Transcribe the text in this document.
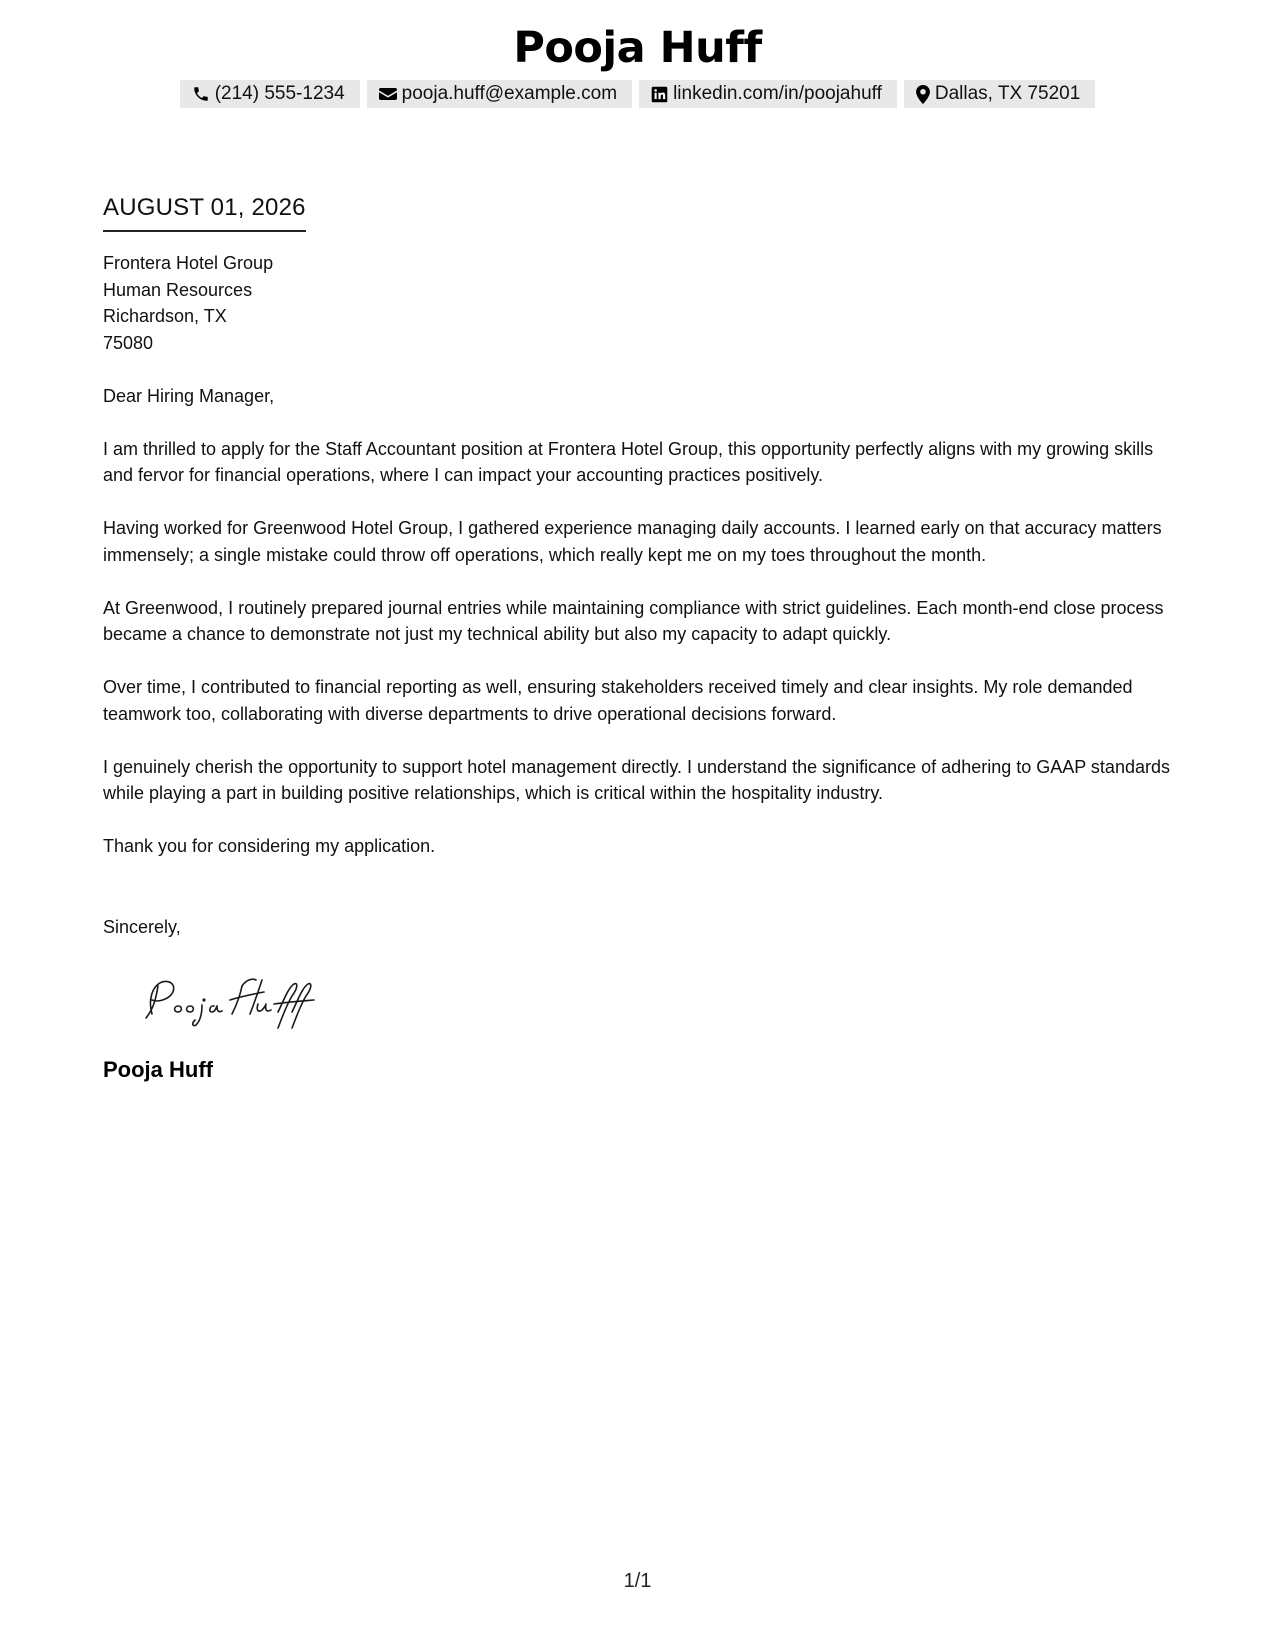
Pooja Huff
(214) 555-1234	pooja.huff@example.com	linkedin.com/in/poojahuff	Dallas, TX 75201
AUGUST 01, 2026
Frontera Hotel Group
Human Resources
Richardson, TX
75080

Dear Hiring Manager,

I am thrilled to apply for the Staff Accountant position at Frontera Hotel Group, this opportunity perfectly aligns with my growing skills and fervor for financial operations, where I can impact your accounting practices positively.

Having worked for Greenwood Hotel Group, I gathered experience managing daily accounts. I learned early on that accuracy matters immensely; a single mistake could throw off operations, which really kept me on my toes throughout the month.

At Greenwood, I routinely prepared journal entries while maintaining compliance with strict guidelines. Each month-end close process became a chance to demonstrate not just my technical ability but also my capacity to adapt quickly.

Over time, I contributed to financial reporting as well, ensuring stakeholders received timely and clear insights. My role demanded teamwork too, collaborating with diverse departments to drive operational decisions forward.

I genuinely cherish the opportunity to support hotel management directly. I understand the significance of adhering to GAAP standards while playing a part in building positive relationships, which is critical within the hospitality industry.

Thank you for considering my application.

Sincerely,

Pooja Huff
1/1
